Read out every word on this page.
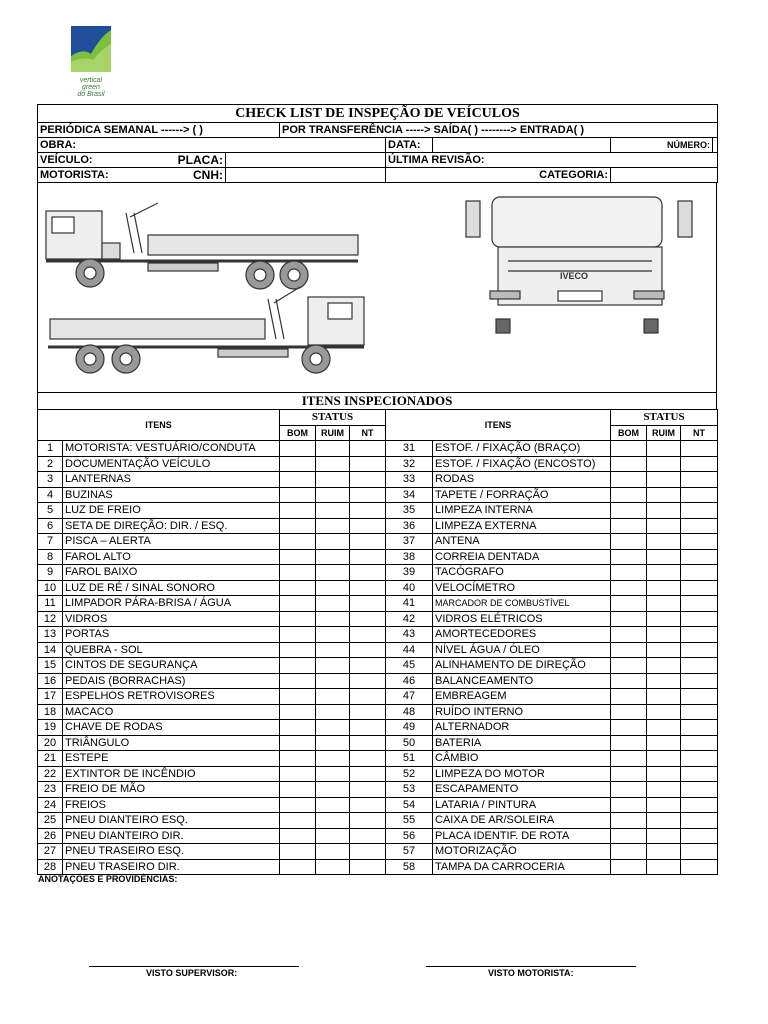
vertical
green
do Brasil
CHECK LIST DE INSPEÇÃO DE VEÍCULOS						
PERIÓDICA SEMANAL ------> ( )		POR TRANSFERÊNCIA -----> SAÍDA( ) --------> ENTRADA( )				
OBRA:			DATA:		NÚMERO:	
VEÍCULO: PLACA:			ÚLTIMA REVISÃO:			
MOTORISTA: CNH:			CATEGORIA:			
IVECO
ITENS INSPECIONADOS
ITENS		STATUS			ITENS		STATUS		
		BOM	RUIM	NT			BOM	RUIM	NT
1	MOTORISTA: VESTUÁRIO/CONDUTA				31	ESTOF. / FIXAÇÃO (BRAÇO)			
2	DOCUMENTAÇÃO VEÍCULO				32	ESTOF. / FIXAÇÃO (ENCOSTO)			
3	LANTERNAS				33	RODAS			
4	BUZINAS				34	TAPETE / FORRAÇÃO			
5	LUZ DE FREIO				35	LIMPEZA INTERNA			
6	SETA DE DIREÇÃO: DIR. / ESQ.				36	LIMPEZA EXTERNA			
7	PISCA – ALERTA				37	ANTENA			
8	FAROL ALTO				38	CORREIA DENTADA			
9	FAROL BAIXO				39	TACÓGRAFO			
10	LUZ DE RÉ / SINAL SONORO				40	VELOCÍMETRO			
11	LIMPADOR PÁRA-BRISA / ÁGUA				41	MARCADOR DE COMBUSTÍVEL			
12	VIDROS				42	VIDROS ELÉTRICOS			
13	PORTAS				43	AMORTECEDORES			
14	QUEBRA - SOL				44	NÍVEL ÁGUA / ÓLEO			
15	CINTOS DE SEGURANÇA				45	ALINHAMENTO DE DIREÇÃO			
16	PEDAIS (BORRACHAS)				46	BALANCEAMENTO			
17	ESPELHOS RETROVISORES				47	EMBREAGEM			
18	MACACO				48	RUÍDO INTERNO			
19	CHAVE DE RODAS				49	ALTERNADOR			
20	TRIÂNGULO				50	BATERIA			
21	ESTEPE				51	CÂMBIO			
22	EXTINTOR DE INCÊNDIO				52	LIMPEZA DO MOTOR			
23	FREIO DE MÃO				53	ESCAPAMENTO			
24	FREIOS				54	LATARIA / PINTURA			
25	PNEU DIANTEIRO ESQ.				55	CAIXA DE AR/SOLEIRA			
26	PNEU DIANTEIRO DIR.				56	PLACA IDENTIF. DE ROTA			
27	PNEU TRASEIRO ESQ.				57	MOTORIZAÇÃO			
28	PNEU TRASEIRO DIR.				58	TAMPA DA CARROCERIA			
ANOTAÇÕES E PROVIDÊNCIAS:
VISTO SUPERVISOR:	VISTO MOTORISTA:
